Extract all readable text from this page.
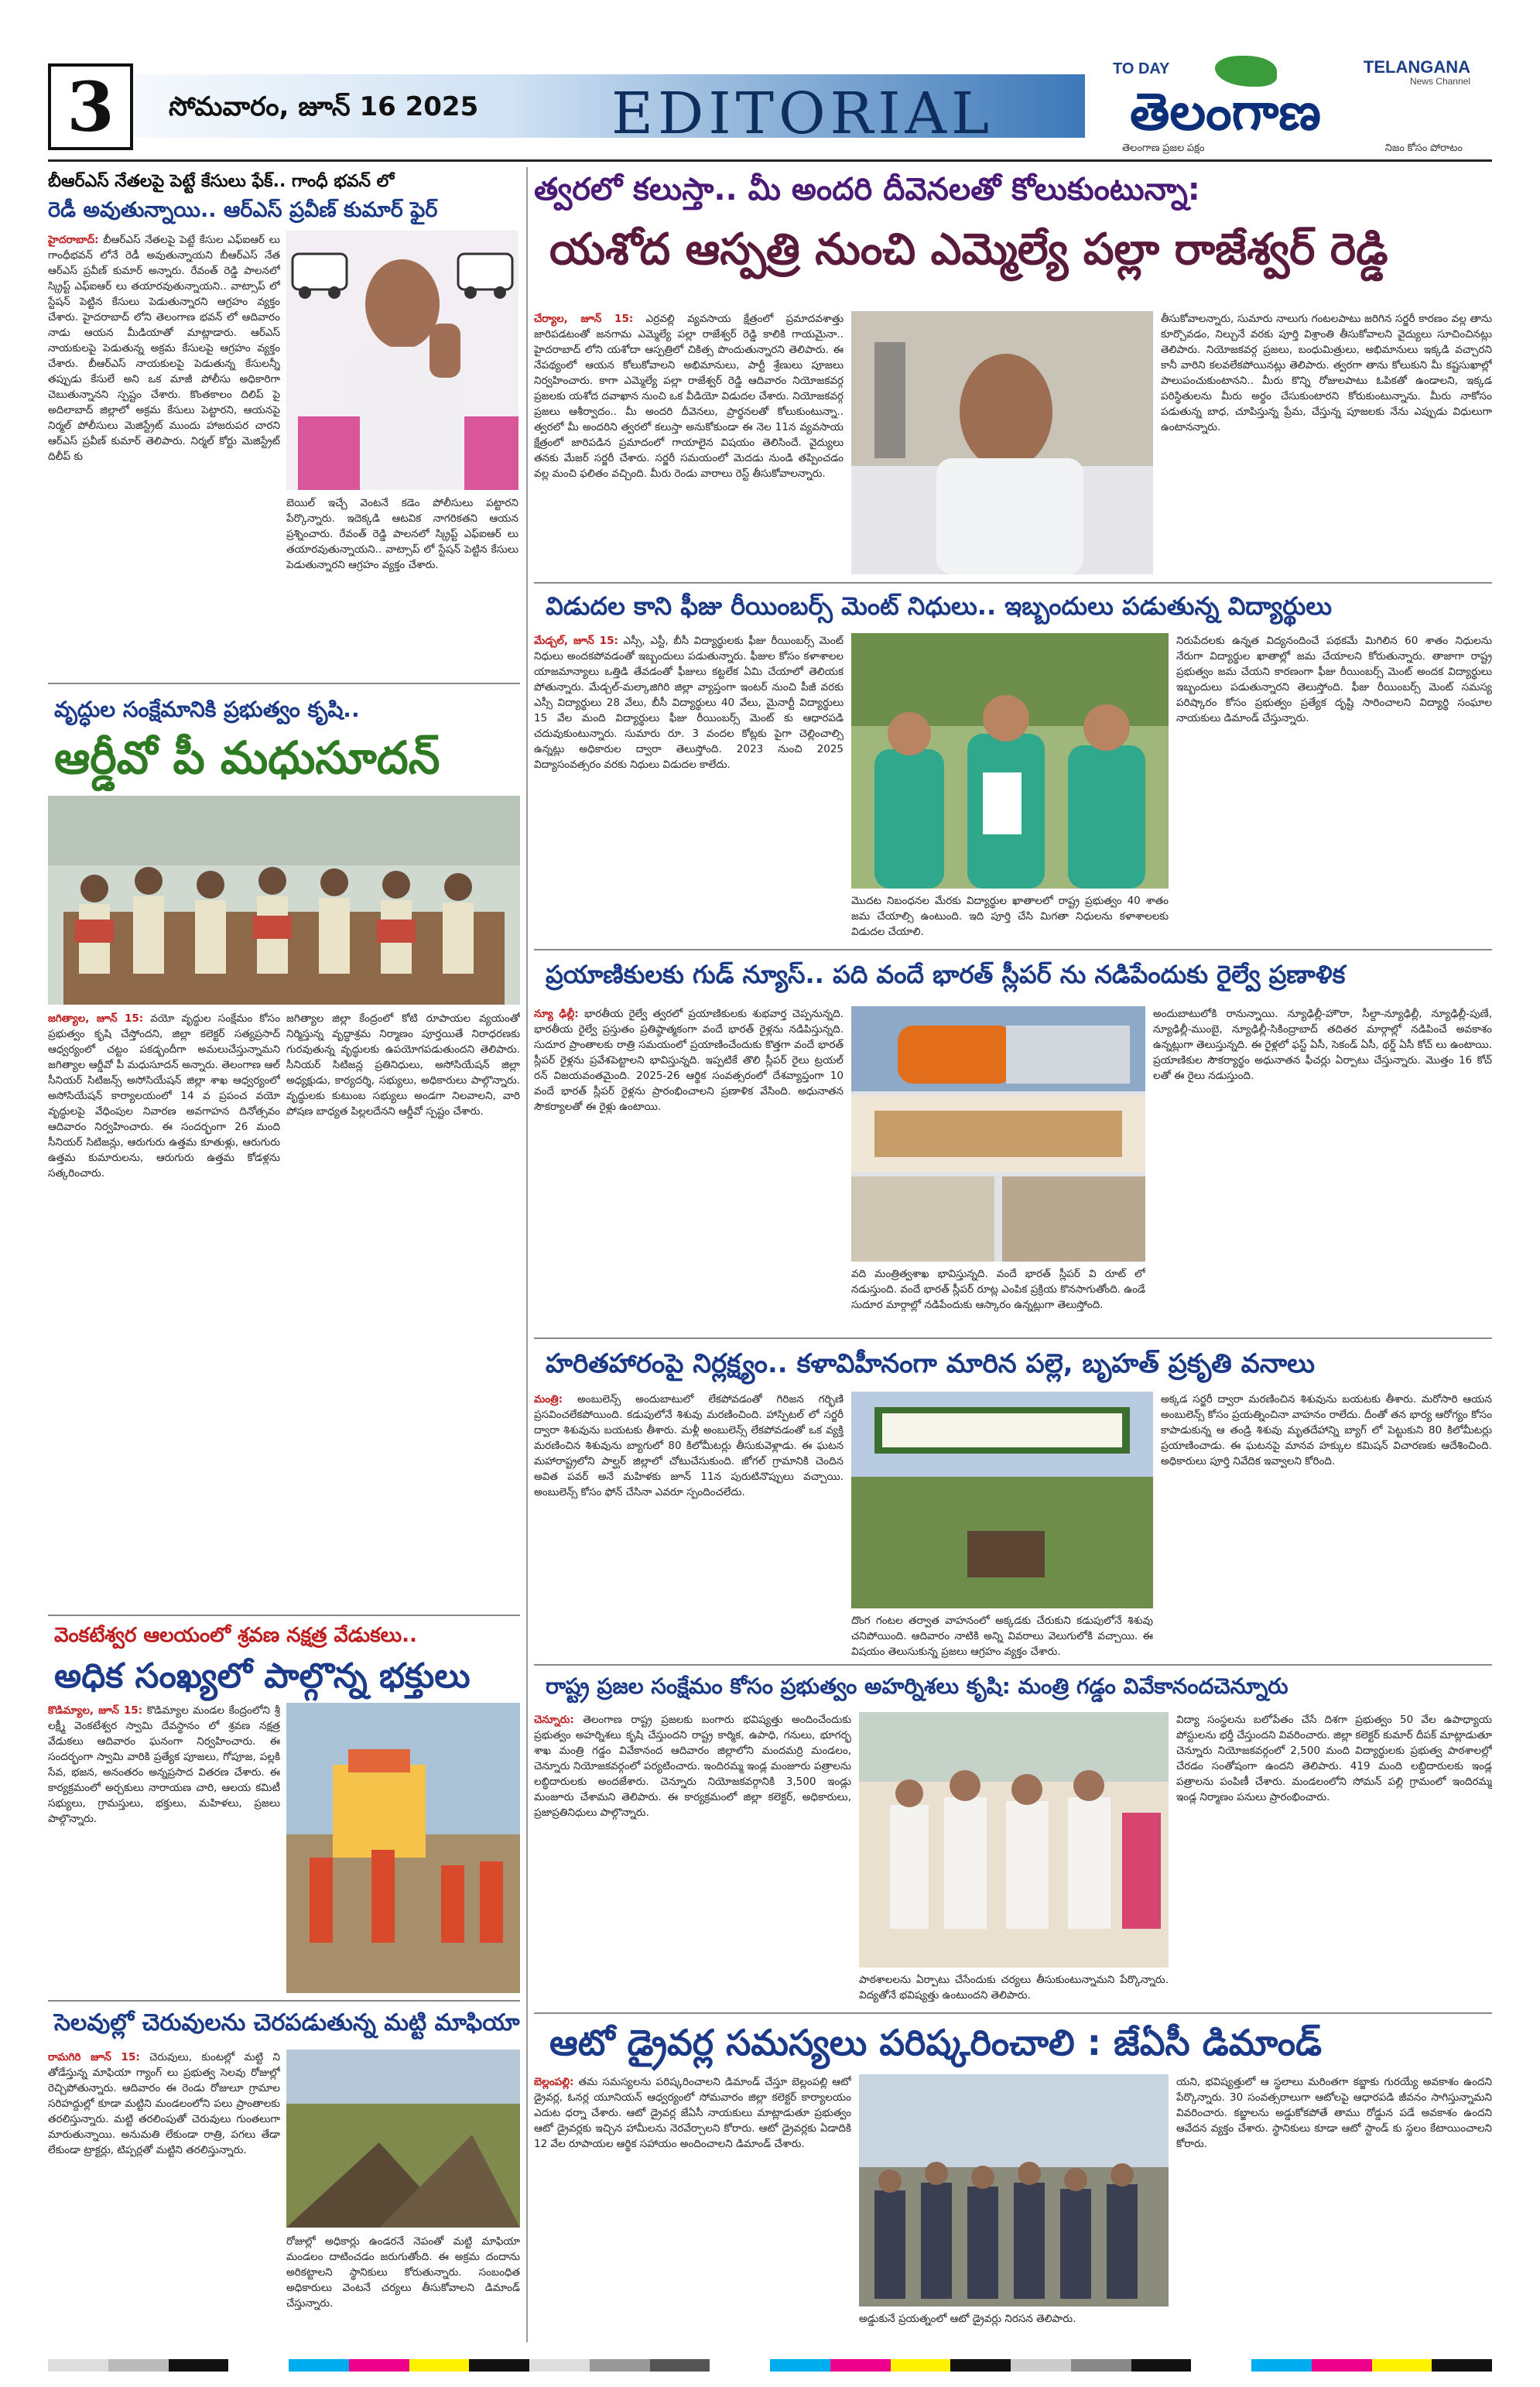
3	సోమవారం, జూన్ 16 2025 EDITORIAL
TO DAY	TELANGANA
News Channel
తెలంగాణ
తెలంగాణ ప్రజల పక్షం	నిజం కోసం పోరాటం
బీఆర్ఎస్ నేతలపై పెట్టే కేసులు ఫేక్.. గాంధీ భవన్ లో
రెడీ అవుతున్నాయి.. ఆర్ఎస్ ప్రవీణ్ కుమార్ ఫైర్
హైదరాబాద్: బీఆర్ఎస్ నేతలపై పెట్టే కేసుల ఎఫ్ఐఆర్ లు గాంధీభవన్ లోనే రెడీ అవుతున్నాయని బీఆర్ఎస్ నేత ఆర్ఎస్ ప్రవీణ్ కుమార్ అన్నారు. రేవంత్ రెడ్డి పాలనలో స్క్రిప్ట్ ఎఫ్ఐఆర్ లు తయారవుతున్నాయని.. వాట్సాప్ లో స్టేషన్ పెట్టిన కేసులు పెడుతున్నారని ఆగ్రహం వ్యక్తం చేశారు. హైదరాబాద్ లోని తెలంగాణ భవన్ లో ఆదివారం నాడు ఆయన మీడియాతో మాట్లాడారు. ఆర్ఎస్ నాయకులపై పెడుతున్న అక్రమ కేసులపై ఆగ్రహం వ్యక్తం చేశారు. బీఆర్ఎస్ నాయకులపై పెడుతున్న కేసులన్నీ తప్పుడు కేసులే అని ఒక మాజీ పోలీసు అధికారిగా చెబుతున్నానని స్పష్టం చేశారు. కొంతకాలం దిలిప్ పై అదిలాబాద్ జిల్లాలో అక్రమ కేసులు పెట్టారని, ఆయనపై నిర్మల్ పోలీసులు మెజిస్ట్రేట్ ముందు హాజరుపర చారని ఆర్ఎస్ ప్రవీణ్ కుమార్ తెలిపారు. నిర్మల్ కోర్టు మెజిస్ట్రేట్ దిలీప్ కు
బెయిల్ ఇచ్చే వెంటనే కడెం పోలీసులు పట్టారని పేర్కొన్నారు. ఇదెక్కడి ఆటవిక నాగరికతని ఆయన ప్రశ్నించారు. రేవంత్ రెడ్డి పాలనలో స్క్రిప్ట్ ఎఫ్ఐఆర్ లు తయారవుతున్నాయని.. వాట్సాప్ లో స్టేషన్ పెట్టిన కేసులు పెడుతున్నారని ఆగ్రహం వ్యక్తం చేశారు.
వృద్ధుల సంక్షేమానికి ప్రభుత్వం కృషి..
ఆర్డీవో పీ మధుసూదన్
జగిత్యాల, జూన్ 15: వయో వృద్ధుల సంక్షేమం కోసం ప్రభుత్వం కృషి చేస్తోందని, జిల్లా కలెక్టర్ సత్యప్రసాద్ ఆధ్వర్యంలో చట్టం పకడ్బందీగా అమలుచేస్తున్నామని జగిత్యాల ఆర్డీవో పీ మధుసూదన్ అన్నారు. తెలంగాణ ఆల్ సీనియర్ సిటిజన్స్ అసోసియేషన్ జిల్లా శాఖ ఆధ్వర్యంలో అసోసియేషన్ కార్యాలయంలో 14 వ ప్రపంచ వయో వృద్ధులపై వేధింపుల నివారణ అవగాహన దినోత్సవం ఆదివారం నిర్వహించారు. ఈ సందర్భంగా 26 మంది సీనియర్ సిటిజన్లు, ఆరుగురు ఉత్తమ కూతుళ్లు, ఆరుగురు ఉత్తమ కుమారులను, ఆరుగురు ఉత్తమ కోడళ్లను సత్కరించారు.
జగిత్యాల జిల్లా కేంద్రంలో కోటి రూపాయల వ్యయంతో నిర్మిస్తున్న వృద్ధాశ్రమ నిర్మాణం పూర్తయితే నిరాధరణకు గురవుతున్న వృద్ధులకు ఉపయోగపడుతుందని తెలిపారు. సీనియర్ సిటిజన్ల ప్రతినిధులు, అసోసియేషన్ జిల్లా అధ్యక్షుడు, కార్యదర్శి, సభ్యులు, అధికారులు పాల్గొన్నారు. వృద్ధులకు కుటుంబ సభ్యులు అండగా నిలవాలని, వారి పోషణ బాధ్యత పిల్లలదేనని ఆర్డీవో స్పష్టం చేశారు.
వెంకటేశ్వర ఆలయంలో శ్రవణ నక్షత్ర వేడుకలు..
అధిక సంఖ్యలో పాల్గొన్న భక్తులు
కొడిమ్యాల, జూన్ 15: కొడిమ్యాల మండల కేంద్రంలోని శ్రీ లక్ష్మీ వెంకటేశ్వర స్వామి దేవస్థానం లో శ్రవణ నక్షత్ర వేడుకలు ఆదివారం ఘనంగా నిర్వహించారు. ఈ సందర్భంగా స్వామి వారికి ప్రత్యేక పూజలు, గోపూజ, పల్లకి సేవ, భజన, అనంతరం అన్నప్రసాద వితరణ చేశారు. ఈ కార్యక్రమంలో అర్చకులు నారాయణ చారి, ఆలయ కమిటీ సభ్యులు, గ్రామస్తులు, భక్తులు, మహిళలు, ప్రజలు పాల్గొన్నారు.
సెలవుల్లో చెరువులను చెరపడుతున్న మట్టి మాఫియా
రామగిరి జూన్ 15: చెరువులు, కుంటల్లో మట్టి ని తోడేస్తున్న మాఫియా గ్యాంగ్ లు ప్రభుత్వ సెలవు రోజుల్లో రెచ్చిపోతున్నారు. ఆదివారం ఈ రెండు రోజులూ గ్రామాల సరిహద్దుల్లో కూడా మట్టిని మండలంలోని పలు ప్రాంతాలకు తరలిస్తున్నారు. మట్టి తరలింపుతో చెరువులు గుంతలుగా మారుతున్నాయి. అనుమతి లేకుండా రాత్రి, పగలు తేడా లేకుండా ట్రాక్టర్లు, టిప్పర్లతో మట్టిని తరలిస్తున్నారు.
రోజుల్లో అధికార్లు ఉండరనే నెపంతో మట్టి మాఫియా మండలం దాటించడం జరుగుతోంది. ఈ అక్రమ దందాను అరికట్టాలని స్థానికులు కోరుతున్నారు. సంబంధిత అధికారులు వెంటనే చర్యలు తీసుకోవాలని డిమాండ్ చేస్తున్నారు.
త్వరలో కలుస్తా.. మీ అందరి దీవెనలతో కోలుకుంటున్నా:
యశోద ఆస్పత్రి నుంచి ఎమ్మెల్యే పల్లా రాజేశ్వర్ రెడ్డి
చేర్యాల, జూన్ 15: ఎర్రవల్లి వ్యవసాయ క్షేత్రంలో ప్రమాదవశాత్తు జారిపడటంతో జనగామ ఎమ్మెల్యే పల్లా రాజేశ్వర్ రెడ్డి కాలికి గాయమైనా.. హైదరాబాద్ లోని యశోదా ఆస్పత్రిలో చికిత్స పొందుతున్నారని తెలిపారు. ఈ నేపథ్యంలో ఆయన కోలుకోవాలని అభిమానులు, పార్టీ శ్రేణులు పూజలు నిర్వహించారు. కాగా ఎమ్మెల్యే పల్లా రాజేశ్వర్ రెడ్డి ఆదివారం నియోజకవర్గ ప్రజలకు యశోద దవాఖాన నుంచి ఒక వీడియో విడుదల చేశారు. నియోజకవర్గ ప్రజలు ఆశీర్వాదం.. మీ అందరి దీవెనలు, ప్రార్థనలతో కోలుకుంటున్నా.. త్వరలో మీ అందరిని త్వరలో కలుస్తా అనుకోకుండా ఈ నెల 11న వ్యవసాయ క్షేత్రంలో జారిపడిన ప్రమాదంలో గాయాలైన విషయం తెలిసిందే. వైద్యులు తనకు మేజర్ సర్జరీ చేశారు. సర్జరీ సమయంలో మెదడు నుండి తప్పించడం వల్ల మంచి ఫలితం వచ్చింది. మీరు రెండు వారాలు రెస్ట్ తీసుకోవాలన్నారు.
తీసుకోవాలన్నారు, సుమారు నాలుగు గంటలపాటు జరిగిన సర్జరీ కారణం వల్ల తాను కూర్చొవడం, నిల్చునే వరకు పూర్తి విశ్రాంతి తీసుకోవాలని వైద్యులు సూచించినట్లు తెలిపారు. నియోజకవర్గ ప్రజలు, బంధుమిత్రులు, అభిమానులు ఇక్కడి వచ్చారని కానీ వారిని కలవలేకపోయినట్లు తెలిపారు. త్వరగా తాను కోలుకుని మీ కష్టసుఖాల్లో పాలుపంచుకుంటానని.. మీరు కొన్ని రోజులపాటు ఓపికతో ఉండాలని, ఇక్కడ పరిస్థితులను మీరు అర్థం చేసుకుంటారని కోరుకుంటున్నాను. మీరు నాకోసం పడుతున్న బాధ, చూపిస్తున్న ప్రేమ, చేస్తున్న పూజలకు నేను ఎప్పుడు విధులుగా ఉంటానన్నారు.
విడుదల కాని ఫీజు రీయింబర్స్ మెంట్ నిధులు.. ఇబ్బందులు పడుతున్న విద్యార్థులు
మేడ్చల్, జూన్ 15: ఎస్సీ, ఎస్టీ, బీసీ విద్యార్థులకు ఫీజు రీయింబర్స్ మెంట్ నిధులు అందకపోవడంతో ఇబ్బందులు పడుతున్నారు. ఫీజుల కోసం కళాశాలల యాజమాన్యాలు ఒత్తిడి తేవడంతో ఫీజులు కట్టలేక ఏమి చేయాలో తెలియక పోతున్నారు. మేడ్చల్-మల్కాజిగిరి జిల్లా వ్యాప్తంగా ఇంటర్ నుంచి పీజీ వరకు ఎస్సీ విద్యార్థులు 28 వేలు, బీసీ విద్యార్థులు 40 వేలు, మైనార్టీ విద్యార్థులు 15 వేల మంది విద్యార్థులు ఫీజు రీయింబర్స్ మెంట్ కు ఆధారపడి చదువుకుంటున్నారు. సుమారు రూ. 3 వందల కోట్లకు పైగా చెల్లించాల్సి ఉన్నట్లు అధికారుల ద్వారా తెలుస్తోంది. 2023 నుంచి 2025 విద్యాసంవత్సరం వరకు నిధులు విడుదల కాలేదు.
నిరుపేదలకు ఉన్నత విద్యనందించే పథకమే మిగిలిన 60 శాతం నిధులను నేరుగా విద్యార్థుల ఖాతాల్లో జమ చేయాలని కోరుతున్నారు. తాజాగా రాష్ట్ర ప్రభుత్వం జమ చేయని కారణంగా ఫీజు రీయింబర్స్ మెంట్ అందక విద్యార్థులు ఇబ్బందులు పడుతున్నారని తెలుస్తోంది. ఫీజు రీయింబర్స్ మెంట్ సమస్య పరిష్కారం కోసం ప్రభుత్వం ప్రత్యేక దృష్టి సారించాలని విద్యార్థి సంఘాల నాయకులు డిమాండ్ చేస్తున్నారు.
మొదట నిబంధనల మేరకు విద్యార్థుల ఖాతాలలో రాష్ట్ర ప్రభుత్వం 40 శాతం జమ చేయాల్సి ఉంటుంది. ఇది పూర్తి చేసి మిగతా నిధులను కళాశాలలకు విడుదల చేయాలి.
ప్రయాణికులకు గుడ్ న్యూస్.. పది వందే భారత్ స్లీపర్ ను నడిపేందుకు రైల్వే ప్రణాళిక
న్యూ ఢిల్లీ: భారతీయ రైల్వే త్వరలో ప్రయాణికులకు శుభవార్త చెప్పనున్నది. భారతీయ రైల్వే ప్రస్తుతం ప్రతిష్ఠాత్మకంగా వందే భారత్ రైళ్లను నడిపిస్తున్నది. సుదూర ప్రాంతాలకు రాత్రి సమయంలో ప్రయాణించేందుకు కొత్తగా వందే భారత్ స్లీపర్ రైళ్లను ప్రవేశపెట్టాలని భావిస్తున్నది. ఇప్పటికే తొలి స్లీపర్ రైలు ట్రయల్ రన్ విజయవంతమైంది. 2025-26 ఆర్థిక సంవత్సరంలో దేశవ్యాప్తంగా 10 వందే భారత్ స్లీపర్ రైళ్లను ప్రారంభించాలని ప్రణాళిక వేసింది. అధునాతన సౌకర్యాలతో ఈ రైళ్లు ఉంటాయి.
అందుబాటులోకి రానున్నాయి. న్యూఢిల్లీ-హౌరా, సీల్దా-న్యూఢిల్లీ, న్యూఢిల్లీ-పుణే, న్యూఢిల్లీ-ముంబై, న్యూఢిల్లీ-సికింద్రాబాద్ తదితర మార్గాల్లో నడిపించే అవకాశం ఉన్నట్లుగా తెలుస్తున్నది. ఈ రైళ్లలో ఫస్ట్ ఏసీ, సెకండ్ ఏసీ, థర్డ్ ఏసీ కోచ్ లు ఉంటాయి. ప్రయాణికుల సౌకర్యార్థం అధునాతన ఫీచర్లు ఏర్పాటు చేస్తున్నారు. మొత్తం 16 కోచ్ లతో ఈ రైలు నడుస్తుంది.
వది మంత్రిత్వశాఖ భావిస్తున్నది. వందే భారత్ స్లీపర్ వి రూట్ లో నడుస్తుంది. వందే భారత్ స్లీపర్ రూట్ల ఎంపిక ప్రక్రియ కొనసాగుతోంది. ఉండే సుదూర మార్గాల్లో నడిపేందుకు ఆస్కారం ఉన్నట్లుగా తెలుస్తోంది.
హరితహారంపై నిర్లక్ష్యం.. కళావిహీనంగా మారిన పల్లె, బృహత్ ప్రకృతి వనాలు
మంత్రి: అంబులెన్స్ అందుబాటులో లేకపోవడంతో గిరిజన గర్భిణి ప్రసవించలేకపోయింది. కడుపులోనే శిశువు మరణించింది. హాస్పిటల్ లో సర్జరీ ద్వారా శిశువును బయటకు తీశారు. మళ్లీ అంబులెన్స్ లేకపోవడంతో ఒక వ్యక్తి మరణించిన శిశువును బ్యాగులో 80 కిలోమీటర్లు తీసుకువెళ్లాడు. ఈ ఘటన మహారాష్ట్రలోని పాల్ఘర్ జిల్లాలో చోటుచేసుకుంది. జోగల్ గ్రామానికి చెందిన అవిత పవర్ అనే మహిళకు జూన్ 11న పురుటినొప్పులు వచ్చాయి. అంబులెన్స్ కోసం ఫోన్ చేసినా ఎవరూ స్పందించలేదు.
అక్కడ సర్జరీ ద్వారా మరణించిన శిశువును బయటకు తీశారు. మరోసారి ఆయన అంబులెన్స్ కోసం ప్రయత్నించినా వాహనం రాలేదు. దీంతో తన భార్య ఆరోగ్యం కోసం కాపాడుకున్న ఆ తండ్రి శిశువు మృతదేహాన్ని బ్యాగ్ లో పెట్టుకుని 80 కిలోమీటర్లు ప్రయాణించాడు. ఈ ఘటనపై మానవ హక్కుల కమిషన్ విచారణకు ఆదేశించింది. అధికారులు పూర్తి నివేదిక ఇవ్వాలని కోరింది.
దొంగ గంటల తర్వాత వాహనంలో అక్కడకు చేరుకుని కడుపులోనే శిశువు చనిపోయింది. ఆదివారం నాటికి అన్ని వివరాలు వెలుగులోకి వచ్చాయి. ఈ విషయం తెలుసుకున్న ప్రజలు ఆగ్రహం వ్యక్తం చేశారు.
రాష్ట్ర ప్రజల సంక్షేమం కోసం ప్రభుత్వం అహర్నిశలు కృషి: మంత్రి గడ్డం వివేకానందచెన్నూరు
చెన్నూరు: తెలంగాణ రాష్ట్ర ప్రజలకు బంగారు భవిష్యత్తు అందించేందుకు ప్రభుత్వం అహర్నిశలు కృషి చేస్తుందని రాష్ట్ర కార్మిక, ఉపాధి, గనులు, భూగర్భ శాఖ మంత్రి గడ్డం వివేకానంద ఆదివారం జిల్లాలోని మందమర్రి మండలం, చెన్నూరు నియోజకవర్గంలో పర్యటించారు. ఇందిరమ్మ ఇండ్ల మంజూరు పత్రాలను లబ్ధిదారులకు అందజేశారు. చెన్నూరు నియోజకవర్గానికి 3,500 ఇండ్లు మంజూరు చేశామని తెలిపారు. ఈ కార్యక్రమంలో జిల్లా కలెక్టర్, అధికారులు, ప్రజాప్రతినిధులు పాల్గొన్నారు.
విద్యా సంస్థలను బలోపేతం చేసే దిశగా ప్రభుత్వం 50 వేల ఉపాధ్యాయ పోస్టులను భర్తీ చేస్తుందని వివరించారు. జిల్లా కలెక్టర్ కుమార్ దీపక్ మాట్లాడుతూ చెన్నూరు నియోజకవర్గంలో 2,500 మంది విద్యార్థులకు ప్రభుత్వ పాఠశాలల్లో చేరడం సంతోషంగా ఉందని తెలిపారు. 419 మంది లబ్ధిదారులకు ఇండ్ల పత్రాలను పంపిణీ చేశారు. మండలంలోని సోమన్ పల్లి గ్రామంలో ఇందిరమ్మ ఇండ్ల నిర్మాణం పనులు ప్రారంభించారు.
పాఠశాలలను ఏర్పాటు చేసేందుకు చర్యలు తీసుకుంటున్నామని పేర్కొన్నారు. విద్యతోనే భవిష్యత్తు ఉంటుందని తెలిపారు.
ఆటో డ్రైవర్ల సమస్యలు పరిష్కరించాలి : జేఏసీ డిమాండ్
బెల్లంపల్లి: తమ సమస్యలను పరిష్కరించాలని డిమాండ్ చేస్తూ బెల్లంపల్లి ఆటో డ్రైవర్ల, ఓనర్ల యూనియన్ ఆధ్వర్యంలో సోమవారం జిల్లా కలెక్టర్ కార్యాలయం ఎదుట ధర్నా చేశారు. ఆటో డ్రైవర్ల జేఏసీ నాయకులు మాట్లాడుతూ ప్రభుత్వం ఆటో డ్రైవర్లకు ఇచ్చిన హామీలను నెరవేర్చాలని కోరారు. ఆటో డ్రైవర్లకు ఏడాదికి 12 వేల రూపాయల ఆర్థిక సహాయం అందించాలని డిమాండ్ చేశారు.
యని, భవిష్యత్తులో ఆ స్థలాలు మరింతగా కబ్జాకు గురయ్యే అవకాశం ఉందని పేర్కొన్నారు. 30 సంవత్సరాలుగా ఆటోలపై ఆధారపడి జీవనం సాగిస్తున్నామని వివరించారు. కబ్జాలను అడ్డుకోకపోతే తాము రోడ్డున పడే అవకాశం ఉందని ఆవేదన వ్యక్తం చేశారు. స్థానికులు కూడా ఆటో స్టాండ్ కు స్థలం కేటాయించాలని కోరారు.
అడ్డుకునే ప్రయత్నంలో ఆటో డ్రైవర్లు నిరసన తెలిపారు.
